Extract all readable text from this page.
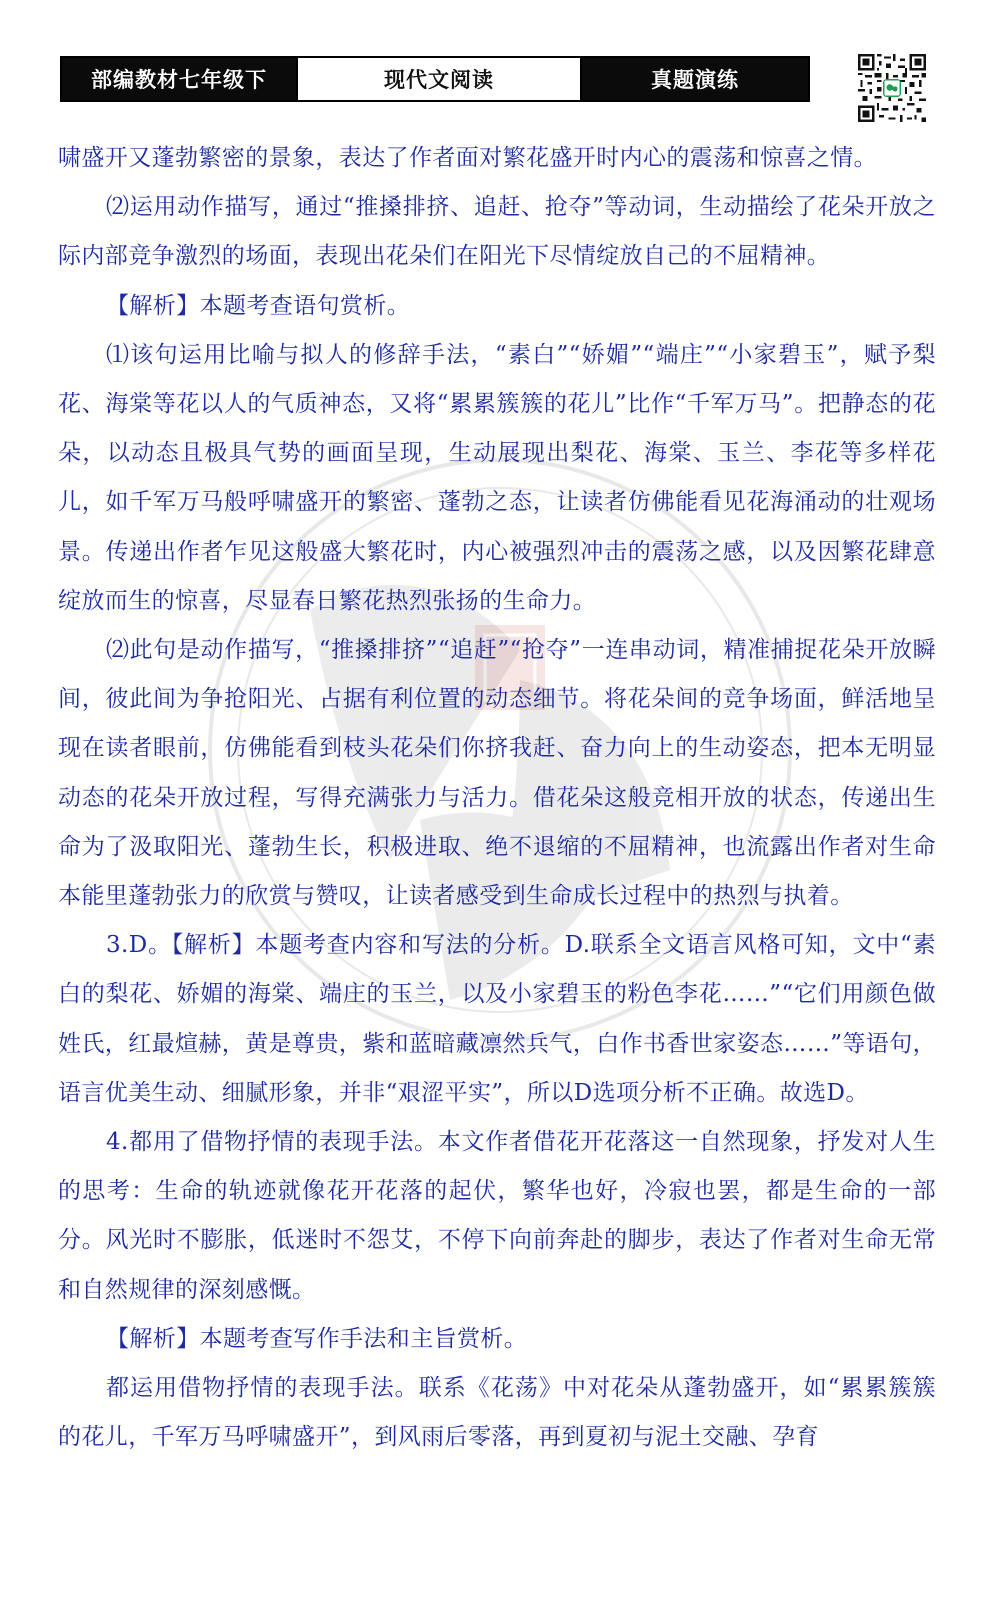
部编教材七年级下	现代文阅读	真题演练

啸盛开又蓬勃繁密的景象，表达了作者面对繁花盛开时内心的震荡和惊喜之情。

⑵运用动作描写，通过“推搡排挤、追赶、抢夺”等动词，生动描绘了花朵开放之际内部竞争激烈的场面，表现出花朵们在阳光下尽情绽放自己的不屈精神。

【解析】本题考查语句赏析。

⑴该句运用比喻与拟人的修辞手法，“素白”“娇媚”“端庄”“小家碧玉”，赋予梨花、海棠等花以人的气质神态，又将“累累簇簇的花儿”比作“千军万马”。把静态的花朵，以动态且极具气势的画面呈现，生动展现出梨花、海棠、玉兰、李花等多样花儿，如千军万马般呼啸盛开的繁密、蓬勃之态，让读者仿佛能看见花海涌动的壮观场景。传递出作者乍见这般盛大繁花时，内心被强烈冲击的震荡之感，以及因繁花肆意绽放而生的惊喜，尽显春日繁花热烈张扬的生命力。

⑵此句是动作描写，“推搡排挤”“追赶”“抢夺”一连串动词，精准捕捉花朵开放瞬间，彼此间为争抢阳光、占据有利位置的动态细节。将花朵间的竞争场面，鲜活地呈现在读者眼前，仿佛能看到枝头花朵们你挤我赶、奋力向上的生动姿态，把本无明显动态的花朵开放过程，写得充满张力与活力。借花朵这般竞相开放的状态，传递出生命为了汲取阳光、蓬勃生长，积极进取、绝不退缩的不屈精神，也流露出作者对生命本能里蓬勃张力的欣赏与赞叹，让读者感受到生命成长过程中的热烈与执着。

3.D。【解析】本题考查内容和写法的分析。D.联系全文语言风格可知，文中“素白的梨花、娇媚的海棠、端庄的玉兰，以及小家碧玉的粉色李花……”“它们用颜色做姓氏，红最煊赫，黄是尊贵，紫和蓝暗藏凛然兵气，白作书香世家姿态……”等语句，语言优美生动、细腻形象，并非“艰涩平实”，所以D选项分析不正确。故选D。

4.都用了借物抒情的表现手法。本文作者借花开花落这一自然现象，抒发对人生的思考：生命的轨迹就像花开花落的起伏，繁华也好，冷寂也罢，都是生命的一部分。风光时不膨胀，低迷时不怨艾，不停下向前奔赴的脚步，表达了作者对生命无常和自然规律的深刻感慨。

【解析】本题考查写作手法和主旨赏析。

都运用借物抒情的表现手法。联系《花荡》中对花朵从蓬勃盛开，如“累累簇簇的花儿，千军万马呼啸盛开”，到风雨后零落，再到夏初与泥土交融、孕育
